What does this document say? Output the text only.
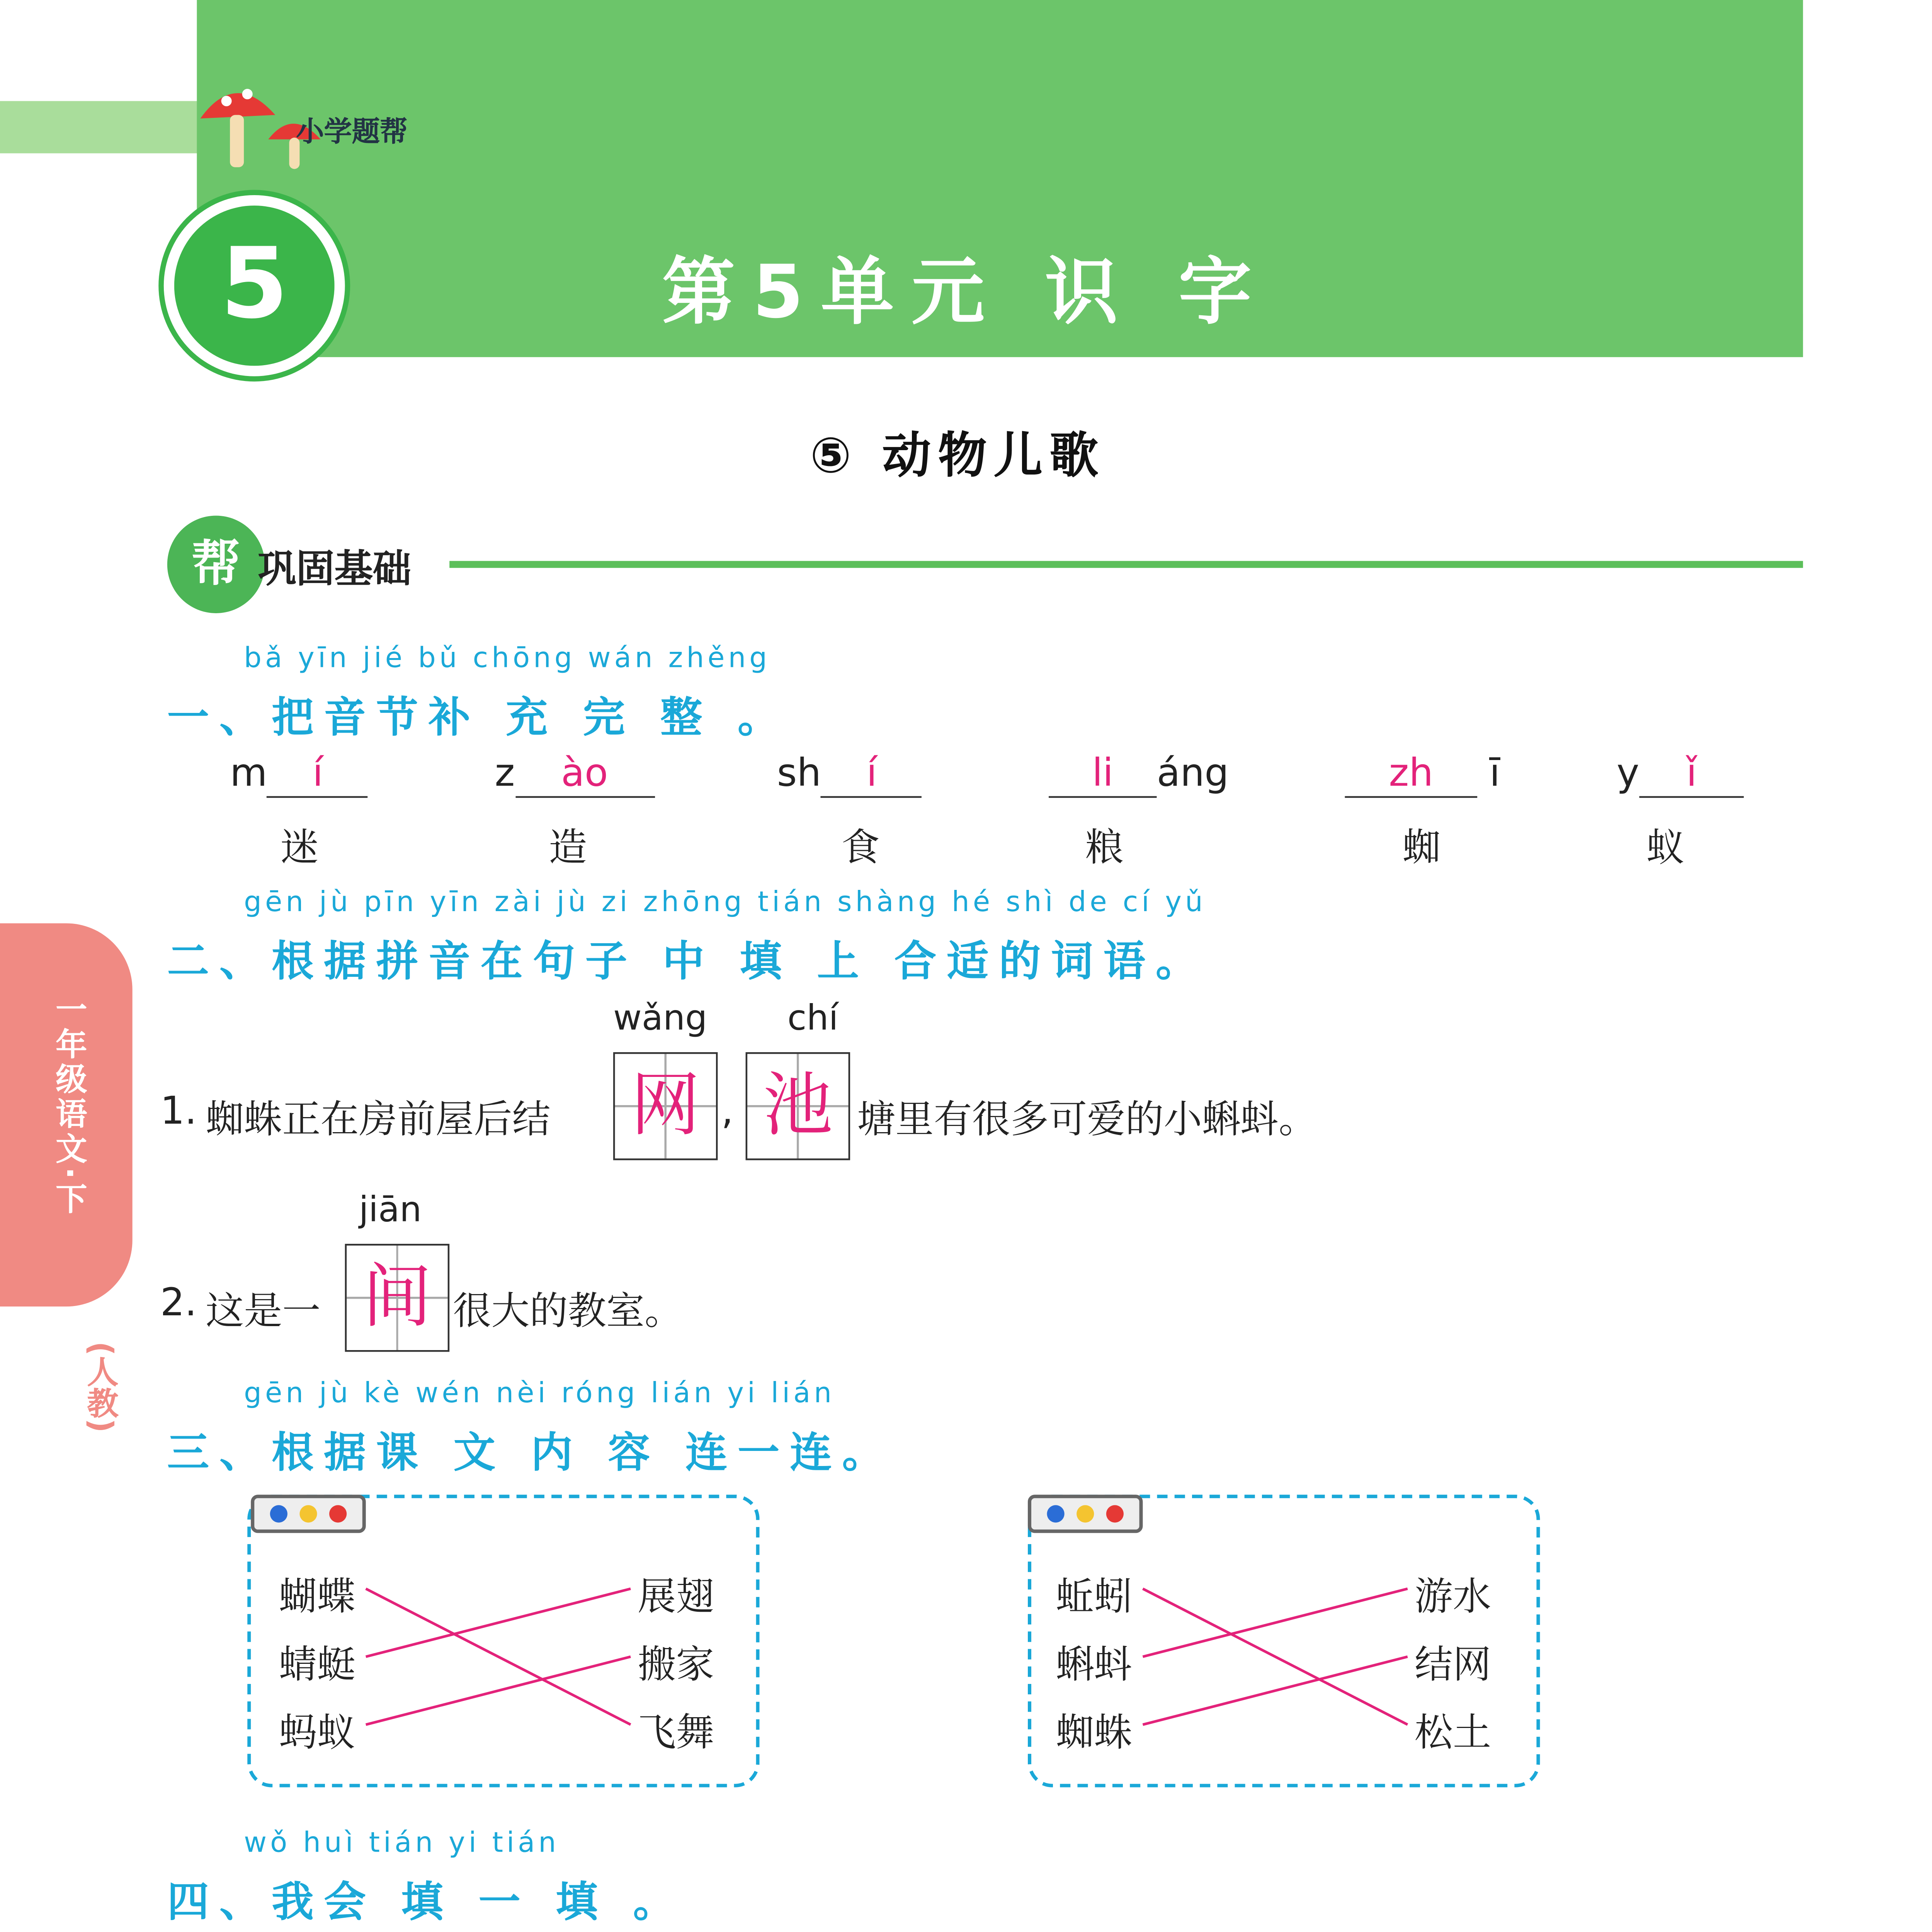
小学题帮
5	第5单元 识 字
⑤ 动物儿歌
一年级语文·下
(人教)
帮	巩固基础
bǎ yīn jié bǔ chōng wán zhěng
一、把音节补 充 完 整 。
m	í
迷
z	ào
造
sh	í
食
li	áng
粮
zh	ī
蜘
y	ǐ
蚁
gēn jù pīn yīn zài jù zi zhōng tián shàng hé shì de cí yǔ
二、根据拼音在句子 中 填 上 合适的词语。
wǎng	chí
1. 蜘蛛正在房前屋后结	网	,	池	塘里有很多可爱的小蝌蚪。
jiān
2. 这是一	间	很大的教室。
gēn jù kè wén nèi róng lián yi lián
三、根据课 文 内 容 连一连。
蝴蝶
蜻蜓
蚂蚁
展翅
搬家
飞舞
蚯蚓
蝌蚪
蜘蛛
游水
结网
松土
wǒ huì tián yi tián
四、我会 填 一 填 。
